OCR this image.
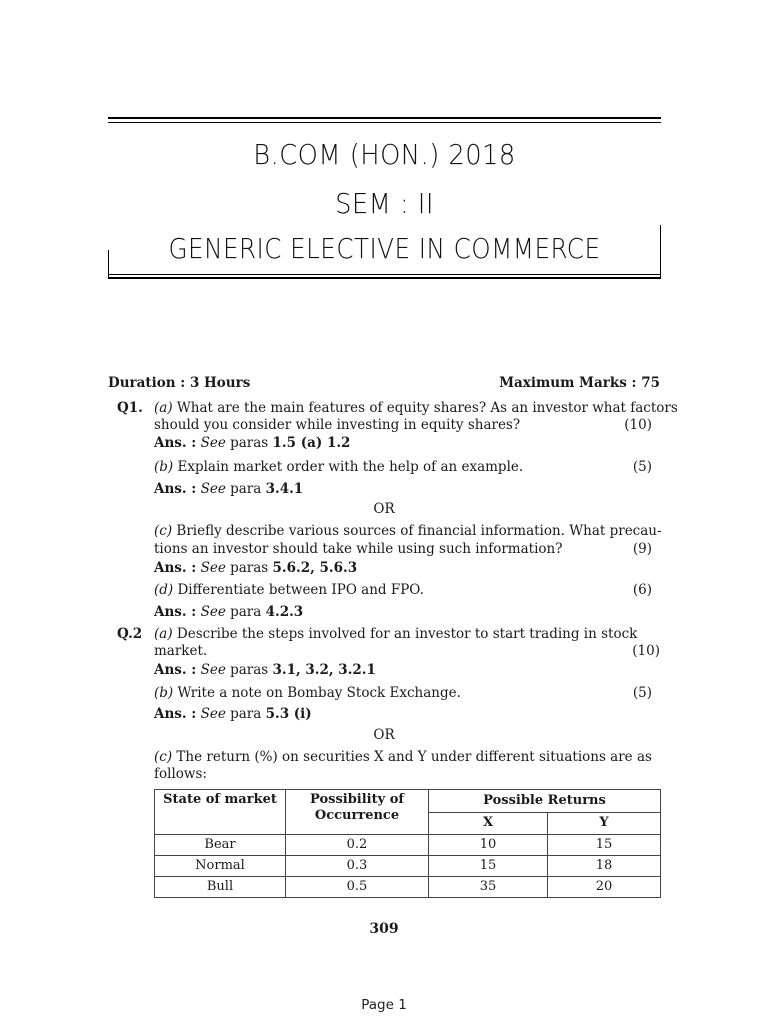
B.COM (HON.) 2018
SEM : II
GENERIC ELECTIVE IN COMMERCE
Duration : 3 Hours	Maximum Marks : 75
Q1. (a) What are the main features of equity shares? As an investor what factors
should you consider while investing in equity shares?	(10)
Ans. : See paras 1.5 (a) 1.2
(b) Explain market order with the help of an example.	(5)
Ans. : See para 3.4.1
OR
(c) Briefly describe various sources of financial information. What precau-
tions an investor should take while using such information?	(9)
Ans. : See paras 5.6.2, 5.6.3
(d) Differentiate between IPO and FPO.	(6)
Ans. : See para 4.2.3
Q.2 (a) Describe the steps involved for an investor to start trading in stock
market.	(10)
Ans. : See paras 3.1, 3.2, 3.2.1
(b) Write a note on Bombay Stock Exchange.	(5)
Ans. : See para 5.3 (i)
OR
(c) The return (%) on securities X and Y under different situations are as
follows:
State of market	Possibility of
Occurrence	Possible Returns	
		X	Y
Bear	0.2	10	15
Normal	0.3	15	18
Bull	0.5	35	20
309
Page 1
